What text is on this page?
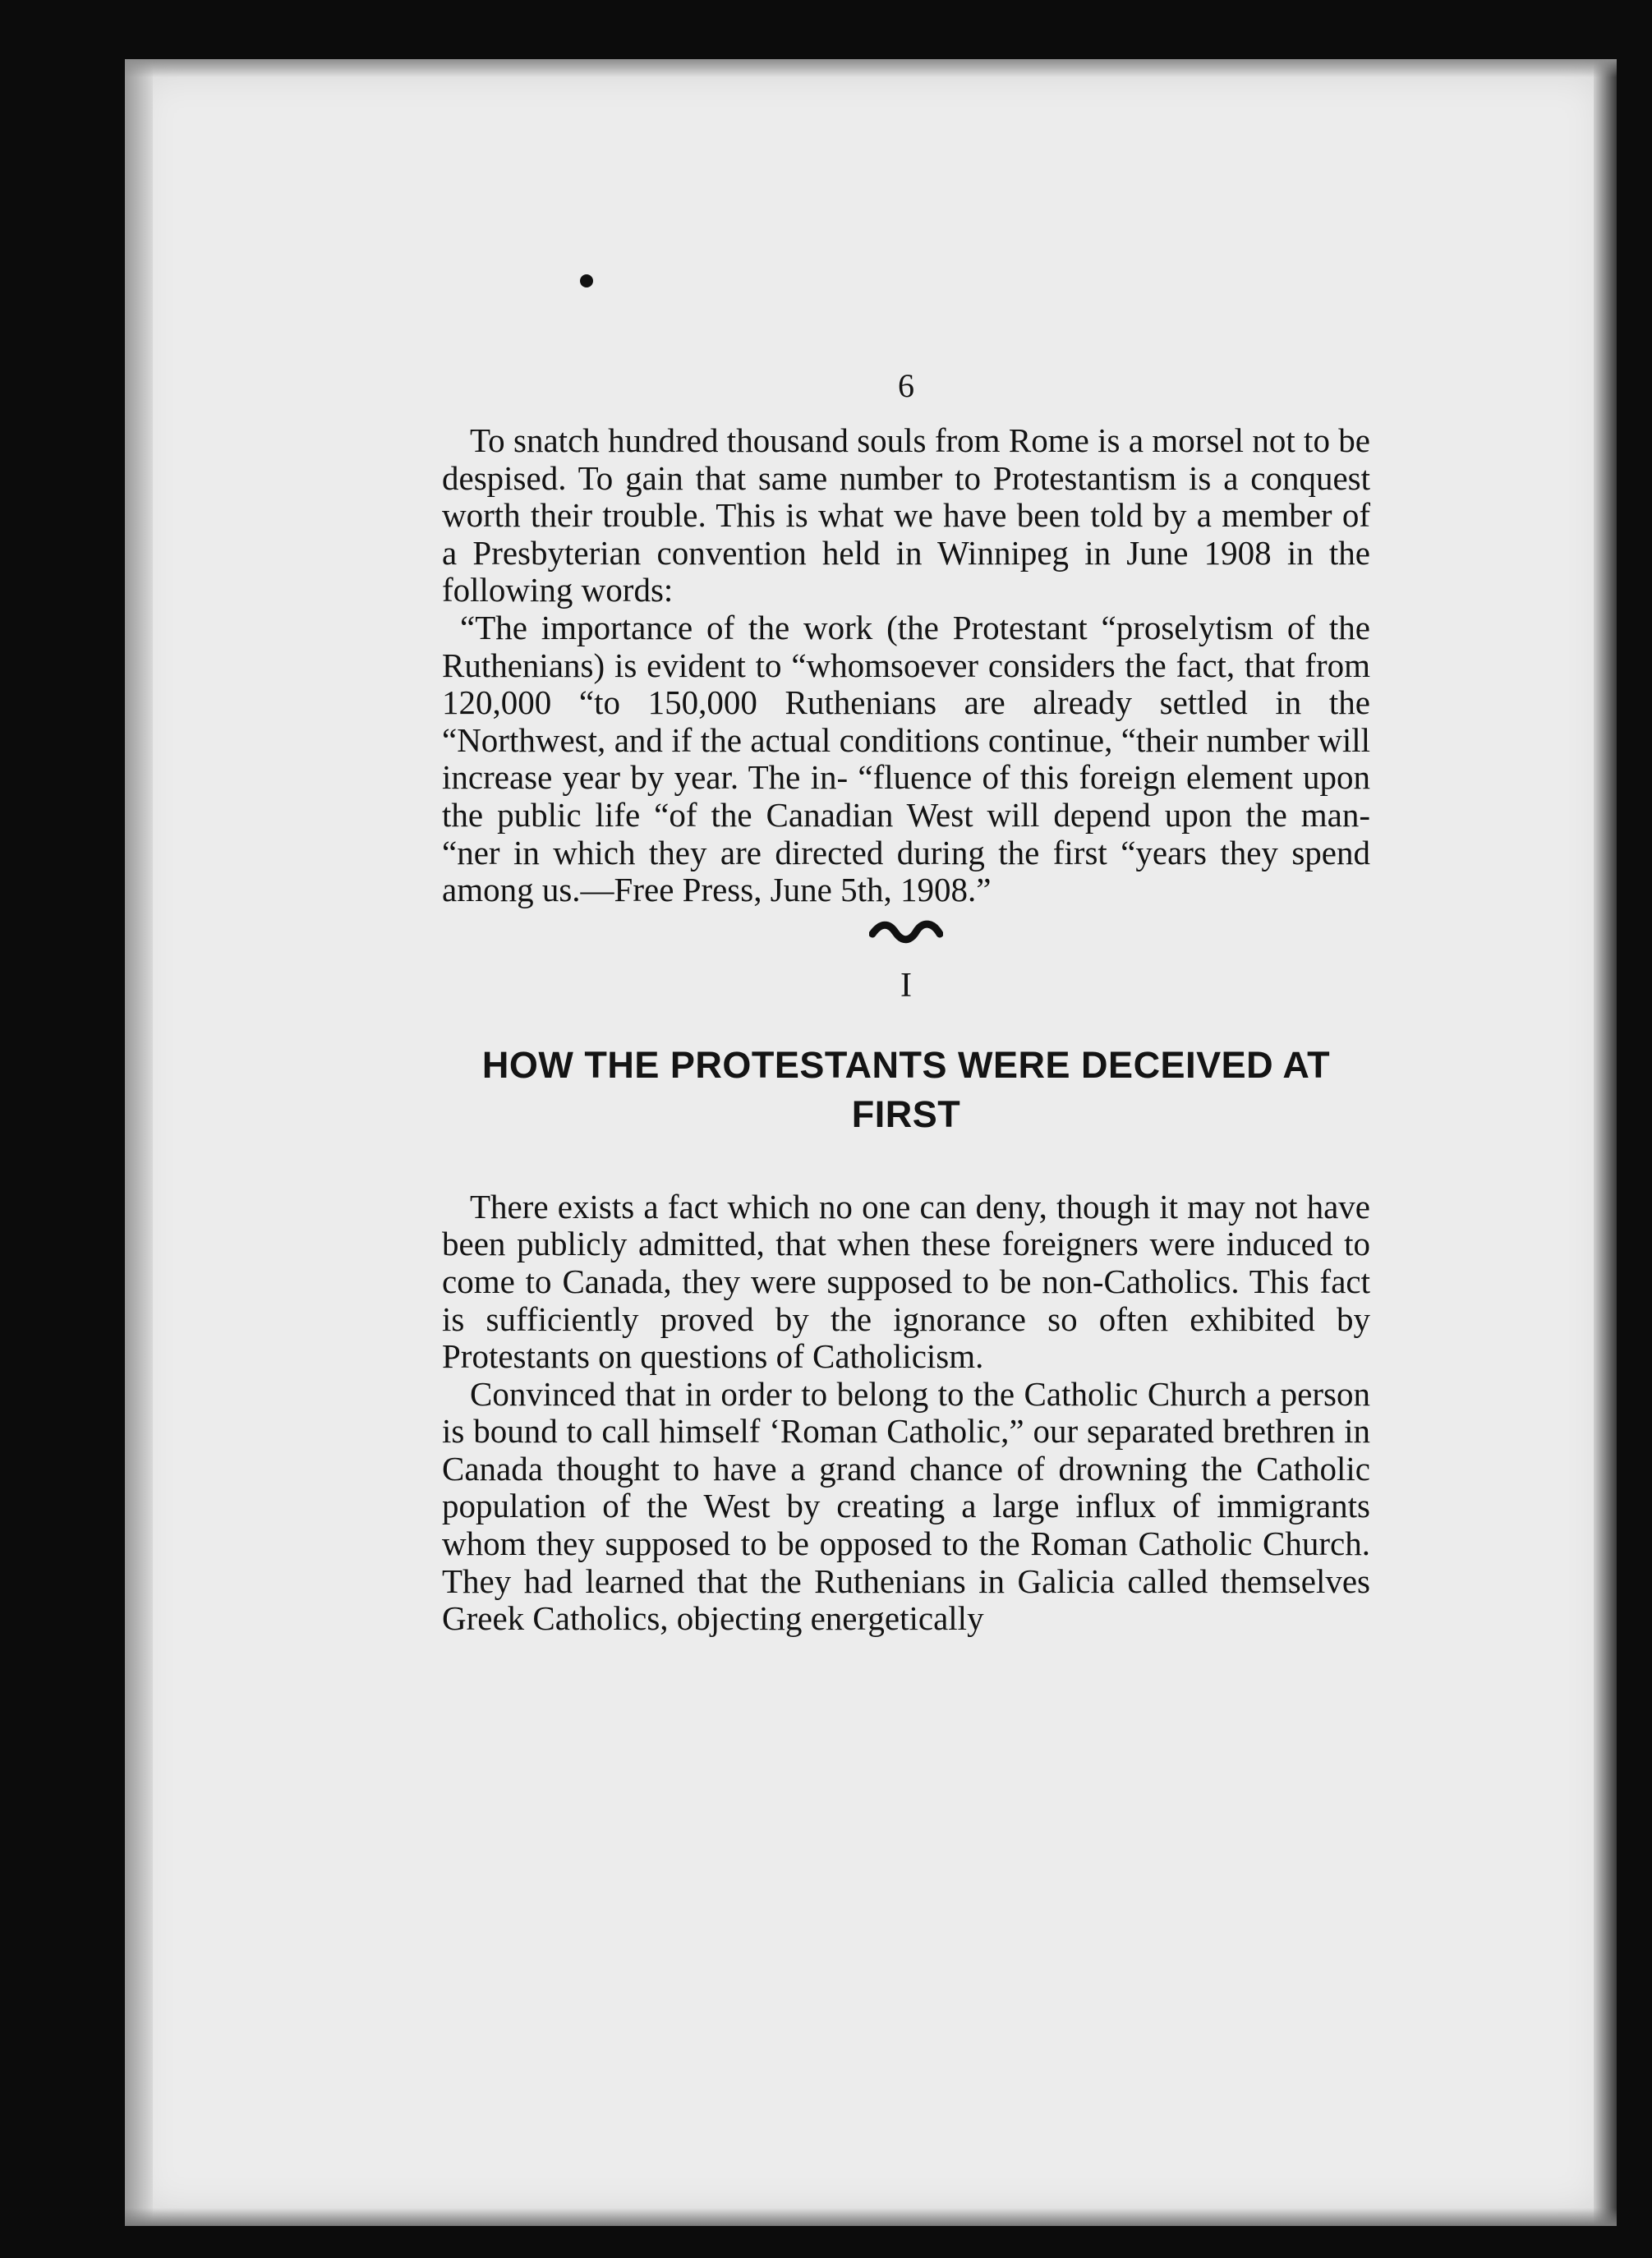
6

To snatch hundred thousand souls from Rome is a morsel not to be despised. To gain that same number to Protestantism is a conquest worth their trouble. This is what we have been told by a member of a Presbyterian convention held in Winnipeg in June 1908 in the following words:

“The importance of the work (the Protestant “proselytism of the Ruthenians) is evident to “whomsoever considers the fact, that from 120,000 “to 150,000 Ruthenians are already settled in the “Northwest, and if the actual conditions continue, “their number will increase year by year. The in- “fluence of this foreign element upon the public life “of the Canadian West will depend upon the man- “ner in which they are directed during the first “years they spend among us.—Free Press, June 5th, 1908.”

I
HOW THE PROTESTANTS WERE DECEIVED AT FIRST

There exists a fact which no one can deny, though it may not have been publicly admitted, that when these foreigners were induced to come to Canada, they were supposed to be non-Catholics. This fact is sufficiently proved by the ignorance so often exhibited by Protestants on questions of Catholicism.

Convinced that in order to belong to the Catholic Church a person is bound to call himself ‘Roman Catholic,” our separated brethren in Canada thought to have a grand chance of drowning the Catholic population of the West by creating a large influx of immigrants whom they supposed to be opposed to the Roman Catholic Church. They had learned that the Ruthenians in Galicia called themselves Greek Catholics, objecting energetically
